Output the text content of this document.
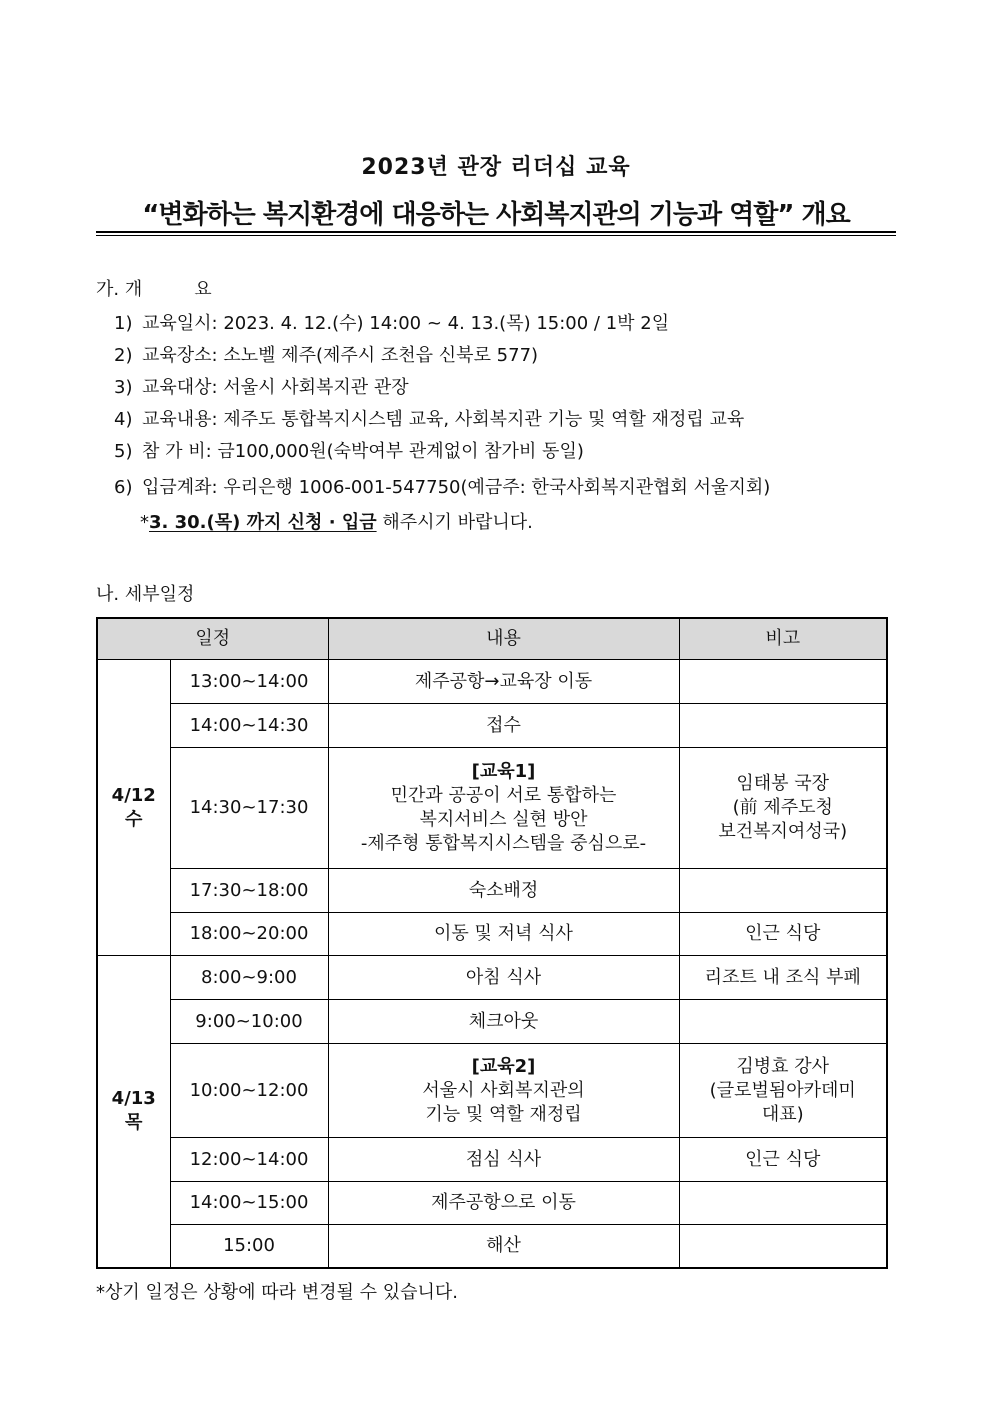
2023년 관장 리더십 교육
“변화하는 복지환경에 대응하는 사회복지관의 기능과 역할” 개요
가. 개	요
1) 교육일시: 2023. 4. 12.(수) 14:00 ~ 4. 13.(목) 15:00 / 1박 2일
2) 교육장소: 소노벨 제주(제주시 조천읍 신북로 577)
3) 교육대상: 서울시 사회복지관 관장
4) 교육내용: 제주도 통합복지시스템 교육, 사회복지관 기능 및 역할 재정립 교육
5) 참 가 비: 금100,000원(숙박여부 관계없이 참가비 동일)
6) 입금계좌: 우리은행 1006-001-547750(예금주: 한국사회복지관협회 서울지회)
*3. 30.(목) 까지 신청 · 입금 해주시기 바랍니다.
나. 세부일정
일정		내용	비고
4/12
수	13:00~14:00	제주공항→교육장 이동	
	14:00~14:30	접수	
	14:30~17:30	[교육1]
민간과 공공이 서로 통합하는
복지서비스 실현 방안
-제주형 통합복지시스템을 중심으로-	임태봉 국장
(前 제주도청
보건복지여성국)
	17:30~18:00	숙소배정	
	18:00~20:00	이동 및 저녁 식사	인근 식당
4/13
목	8:00~9:00	아침 식사	리조트 내 조식 부페
	9:00~10:00	체크아웃	
	10:00~12:00	[교육2]
서울시 사회복지관의
기능 및 역할 재정립	김병효 강사
(글로벌됨아카데미
대표)
	12:00~14:00	점심 식사	인근 식당
	14:00~15:00	제주공항으로 이동	
	15:00	해산	
*상기 일정은 상황에 따라 변경될 수 있습니다.
